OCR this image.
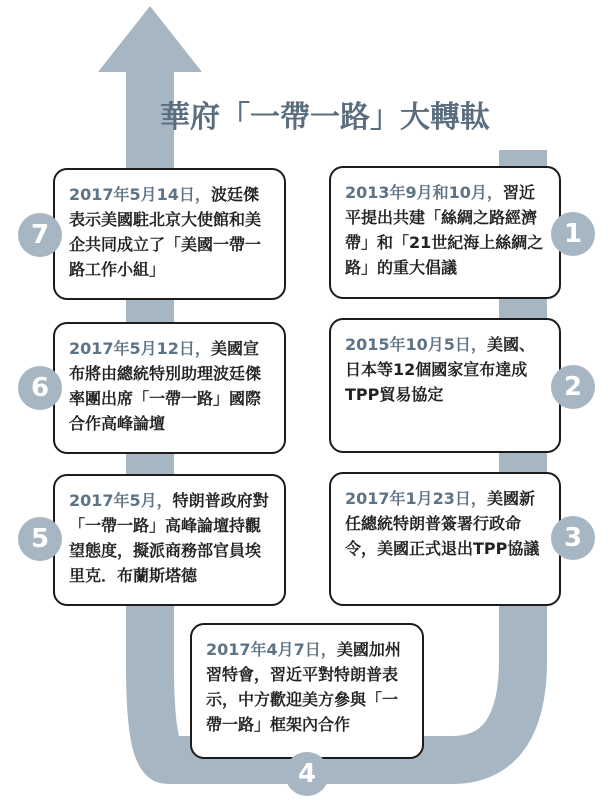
華府「一帶一路」大轉軚
2013年9月和10月，習近平提出共建「絲綢之路經濟帶」和「21世紀海上絲綢之路」的重大倡議
2015年10月5日，美國、日本等12個國家宣布達成TPP貿易協定
2017年1月23日，美國新任總統特朗普簽署行政命令，美國正式退出TPP協議
2017年4月7日，美國加州習特會，習近平對特朗普表示，中方歡迎美方參與「一帶一路」框架內合作
2017年5月，特朗普政府對「一帶一路」高峰論壇持觀望態度，擬派商務部官員埃里克．布蘭斯塔德
2017年5月12日，美國宣布將由總統特別助理波廷傑率團出席「一帶一路」國際合作高峰論壇
2017年5月14日，波廷傑表示美國駐北京大使館和美企共同成立了「美國一帶一路工作小組」
1
2
3
4
5
6
7
